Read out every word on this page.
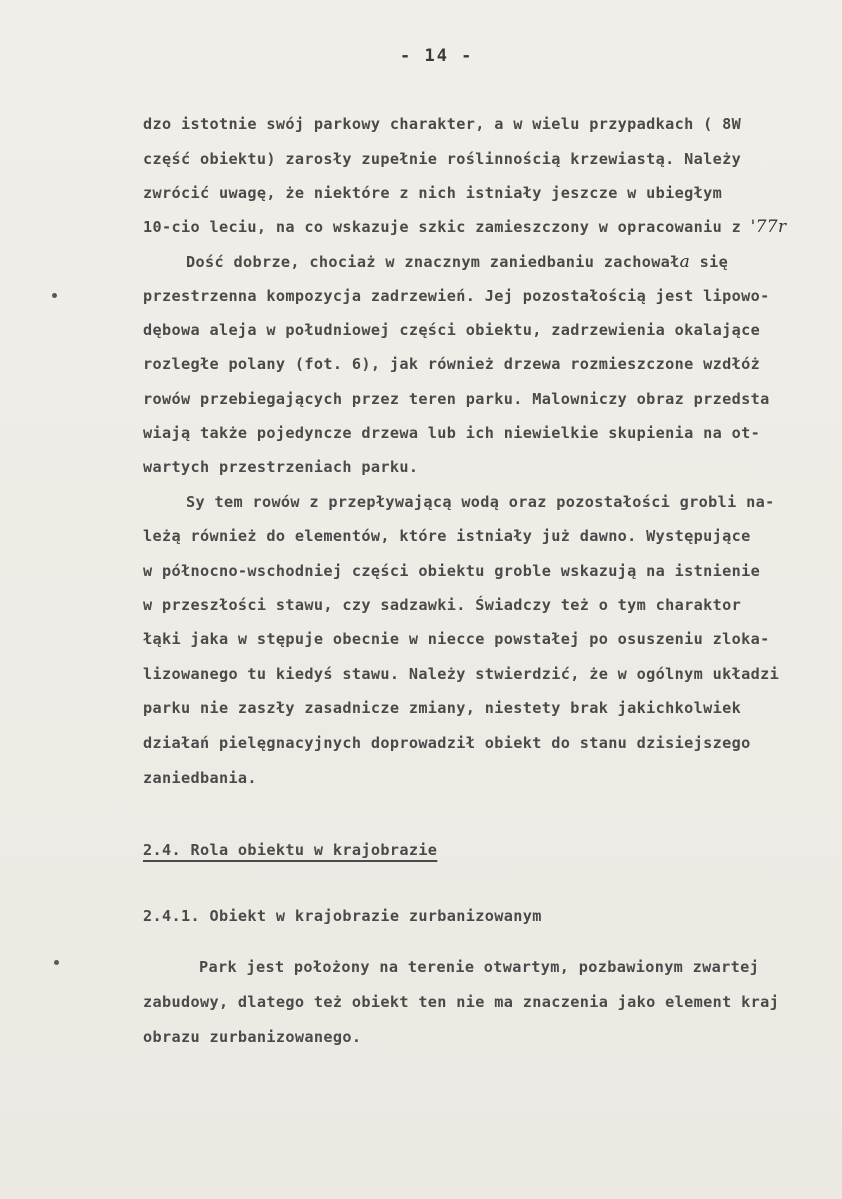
- 14 -
dzo istotnie swój parkowy charakter, a w wielu przypadkach ( 8W
część obiektu) zarosły zupełnie roślinnością krzewiastą. Należy
zwrócić uwagę, że niektóre z nich istniały jeszcze w ubiegłym
10-cio leciu, na co wskazuje szkic zamieszczony w opracowaniu z '77r
Dość dobrze, chociaż w znacznym zaniedbaniu zachowała się
przestrzenna kompozycja zadrzewień. Jej pozostałością jest lipowo-
dębowa aleja w południowej części obiektu, zadrzewienia okalające
rozległe polany (fot. 6), jak również drzewa rozmieszczone wzdłóż
rowów przebiegających przez teren parku. Malowniczy obraz przedsta
wiają także pojedyncze drzewa lub ich niewielkie skupienia na ot-
wartych przestrzeniach parku.
Sy tem rowów z przepływającą wodą oraz pozostałości grobli na-
leżą również do elementów, które istniały już dawno. Występujące
w północno-wschodniej części obiektu groble wskazują na istnienie
w przeszłości stawu, czy sadzawki. Świadczy też o tym charaktor
łąki jaka w stępuje obecnie w niecce powstałej po osuszeniu zloka-
lizowanego tu kiedyś stawu. Należy stwierdzić, że w ogólnym układzi
parku nie zaszły zasadnicze zmiany, niestety brak jakichkolwiek
działań pielęgnacyjnych doprowadził obiekt do stanu dzisiejszego
zaniedbania.
2.4. Rola obiektu w krajobrazie
2.4.1. Obiekt w krajobrazie zurbanizowanym
Park jest położony na terenie otwartym, pozbawionym zwartej
zabudowy, dlatego też obiekt ten nie ma znaczenia jako element kraj
obrazu zurbanizowanego.
